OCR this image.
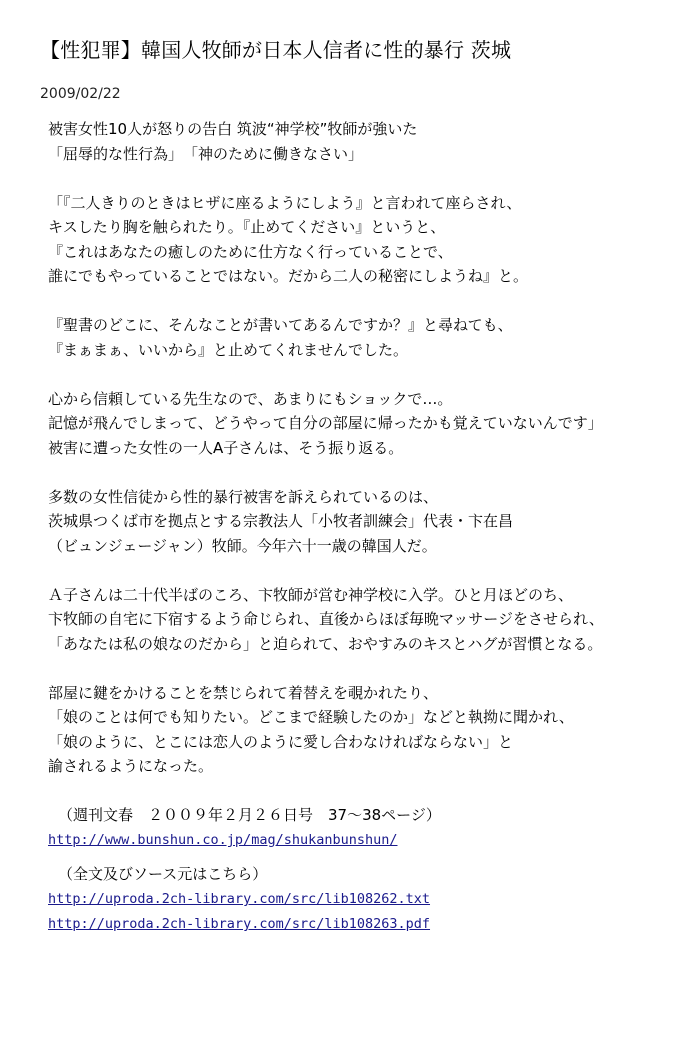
【性犯罪】韓国人牧師が日本人信者に性的暴行 茨城
2009/02/22
被害女性10人が怒りの告白 筑波“神学校”牧師が強いた
「屈辱的な性行為」　「神のために働きなさい」
「『二人きりのときはヒザに座るようにしよう』と言われて座らされ、
キスしたり胸を触られたり。『止めてください』というと、
『これはあなたの癒しのために仕方なく行っていることで、
誰にでもやっていることではない。だから二人の秘密にしようね』と。
『聖書のどこに、そんなことが書いてあるんですか？』と尋ねても、
『まぁまぁ、いいから』と止めてくれませんでした。
心から信頼している先生なので、あまりにもショックで…。
記憶が飛んでしまって、どうやって自分の部屋に帰ったかも覚えていないんです」
被害に遭った女性の一人A子さんは、そう振り返る。
多数の女性信徒から性的暴行被害を訴えられているのは、
茨城県つくば市を拠点とする宗教法人「小牧者訓練会」代表・卞在昌
（ビュンジェージャン）牧師。今年六十一歳の韓国人だ。
Ａ子さんは二十代半ばのころ、卞牧師が営む神学校に入学。ひと月ほどのち、
卞牧師の自宅に下宿するよう命じられ、直後からほぼ毎晩マッサージをさせられ、
「あなたは私の娘なのだから」と迫られて、おやすみのキスとハグが習慣となる。
部屋に鍵をかけることを禁じられて着替えを覗かれたり、
「娘のことは何でも知りたい。どこまで経験したのか」などと執拗に聞かれ、
「娘のように、とこには恋人のように愛し合わなければならない」と
諭されるようになった。
（週刊文春　２００９年２月２６日号　37～38ページ）
http://www.bunshun.co.jp/mag/shukanbunshun/
（全文及びソース元はこちら）
http://uproda.2ch-library.com/src/lib108262.txt
http://uproda.2ch-library.com/src/lib108263.pdf
